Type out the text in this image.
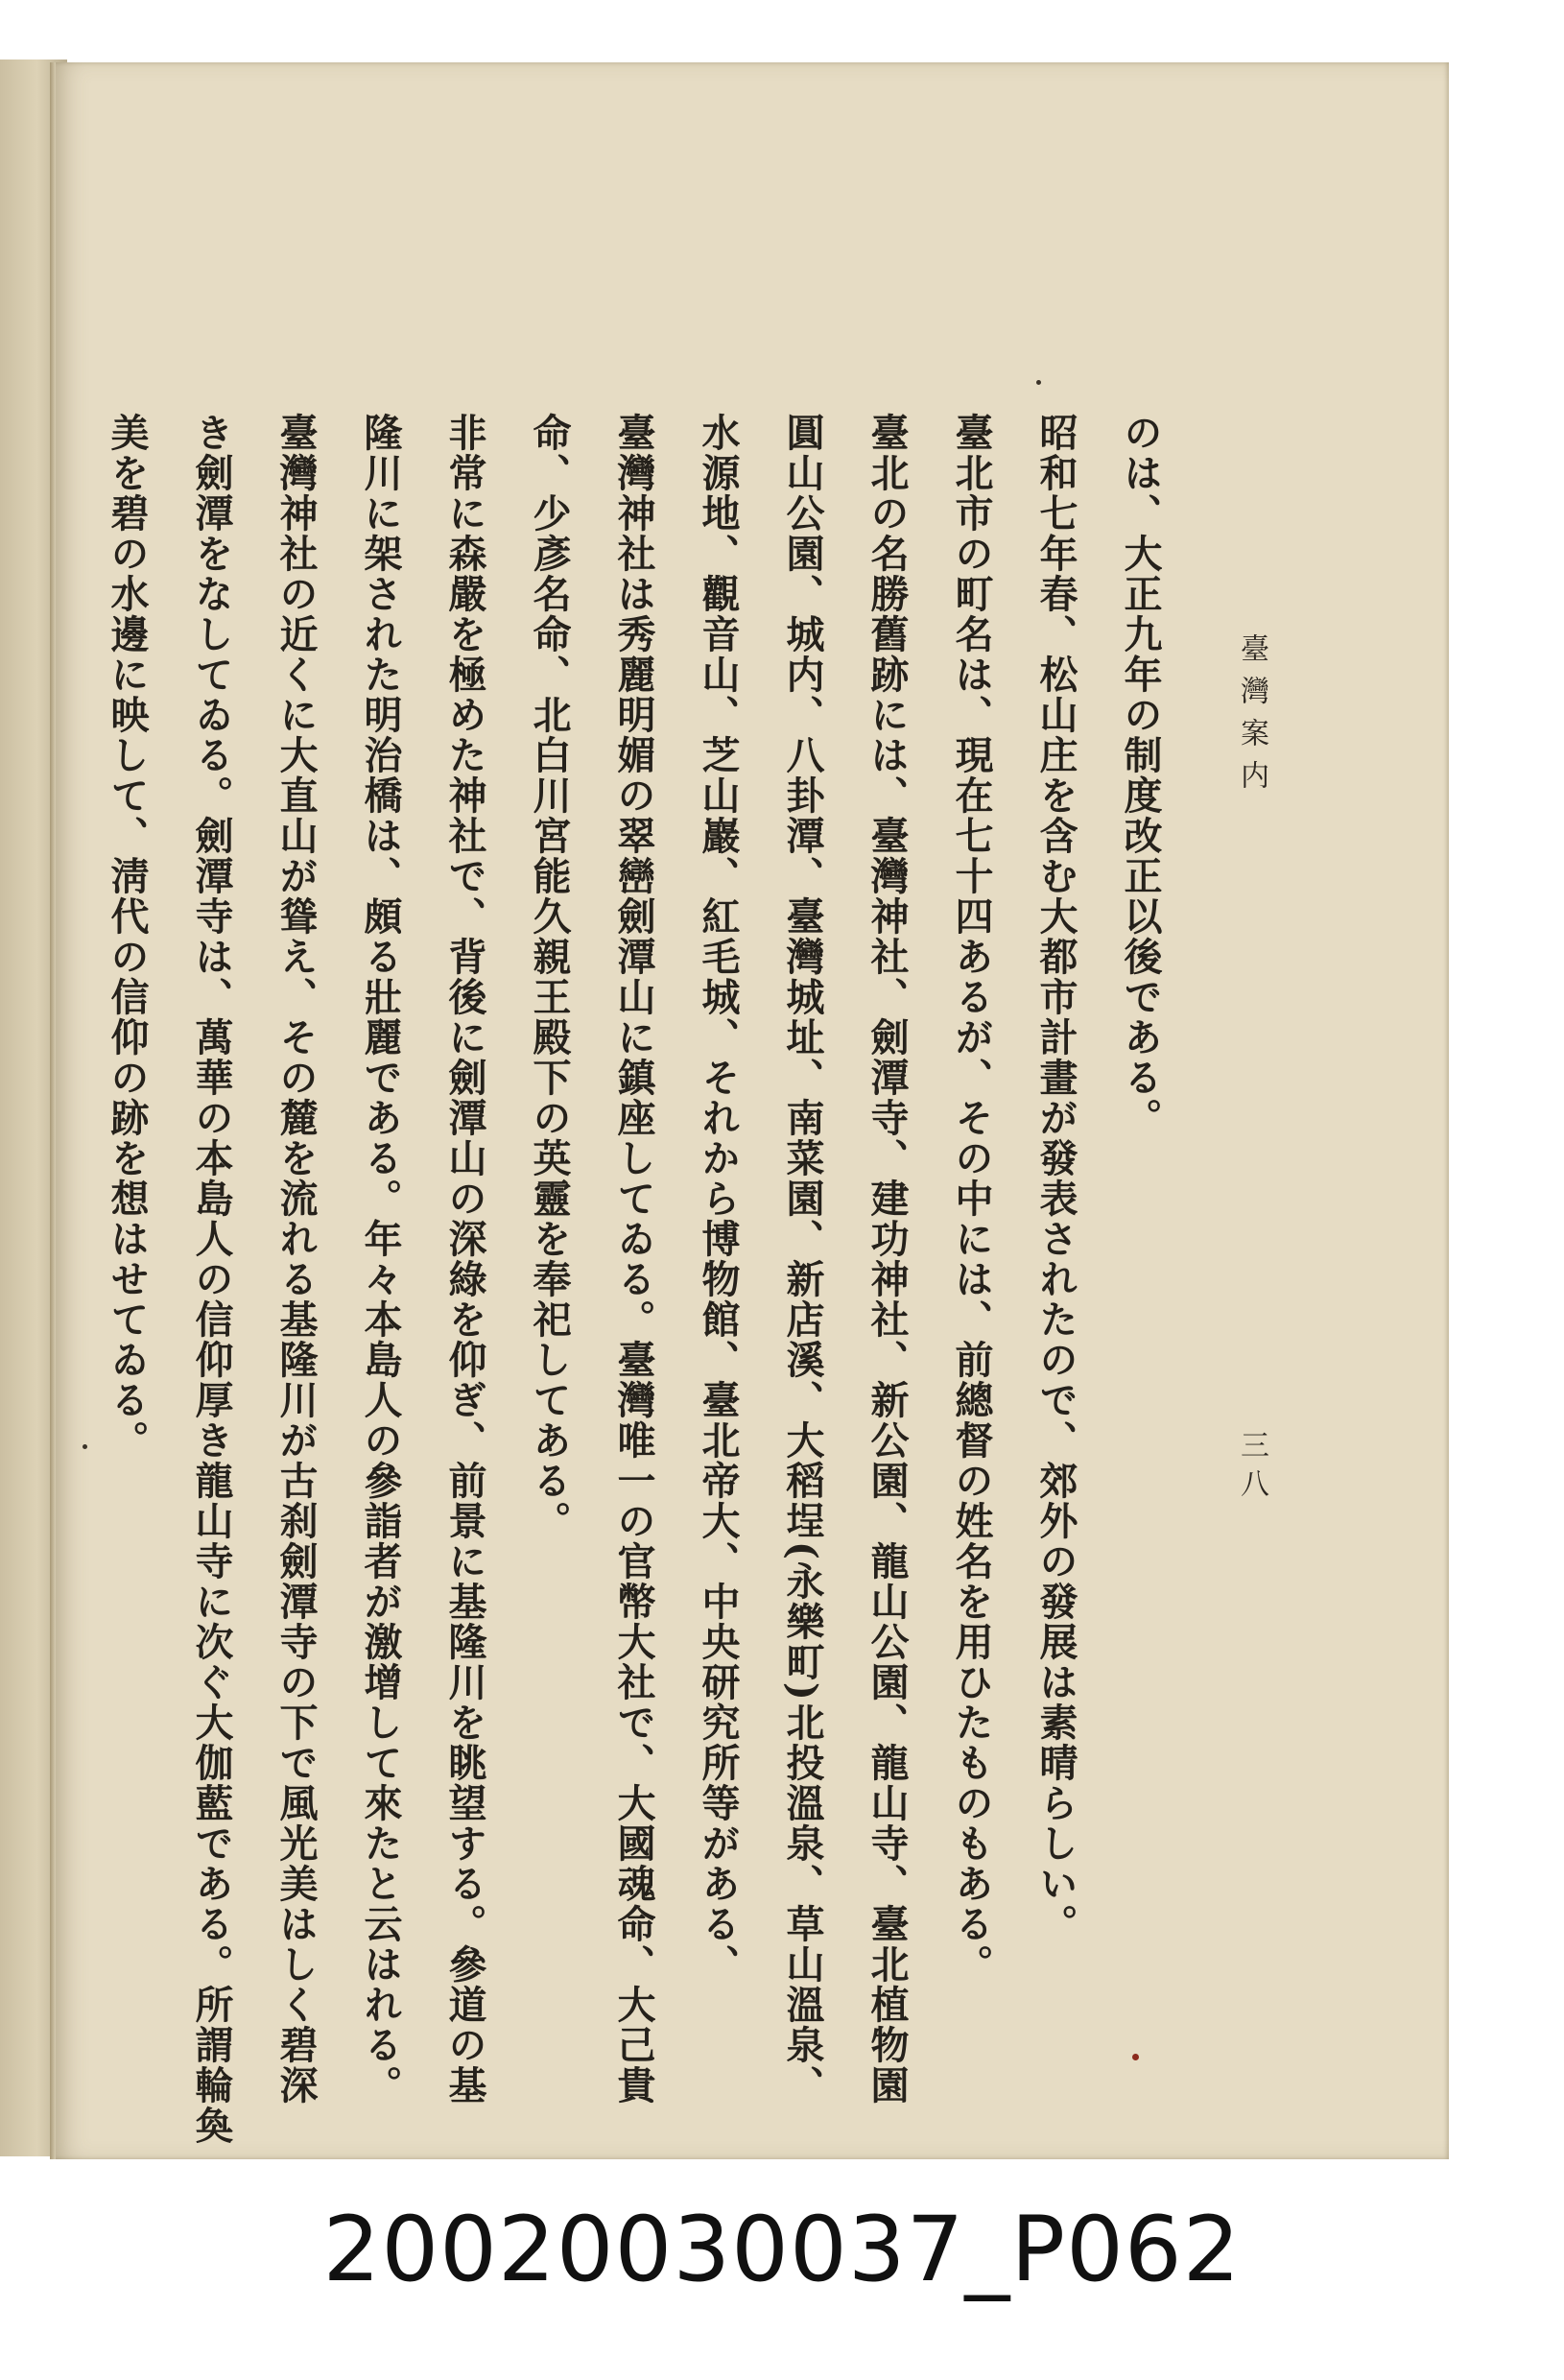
臺灣案内
三八
のは、大正九年の制度改正以後である。
昭和七年春、松山庄を含む大都市計畫が發表されたので、郊外の發展は素晴らしい。
臺北市の町名は、現在七十四あるが、その中には、前總督の姓名を用ひたものもある。
臺北の名勝舊跡には、臺灣神社、劍潭寺、建功神社、新公園、龍山公園、龍山寺、臺北植物園
圓山公園、城内、八卦潭、臺灣城址、南菜園、新店溪、大稻埕(永樂町)北投溫泉、草山溫泉、
水源地、觀音山、芝山巖、紅毛城、それから博物館、臺北帝大、中央研究所等がある、
臺灣神社は秀麗明媚の翠巒劍潭山に鎮座してゐる。臺灣唯一の官幣大社で、大國魂命、大己貴
命、少彥名命、北白川宮能久親王殿下の英靈を奉祀してある。
非常に森嚴を極めた神社で、背後に劍潭山の深綠を仰ぎ、前景に基隆川を眺望する。參道の基
隆川に架された明治橋は、頗る壯麗である。年々本島人の參詣者が激增して來たと云はれる。
臺灣神社の近くに大直山が聳え、その麓を流れる基隆川が古刹劍潭寺の下で風光美はしく碧深
き劍潭をなしてゐる。劍潭寺は、萬華の本島人の信仰厚き龍山寺に次ぐ大伽藍である。所謂輪奐
美を碧の水邊に映して、淸代の信仰の跡を想はせてゐる。
20020030037_P062
